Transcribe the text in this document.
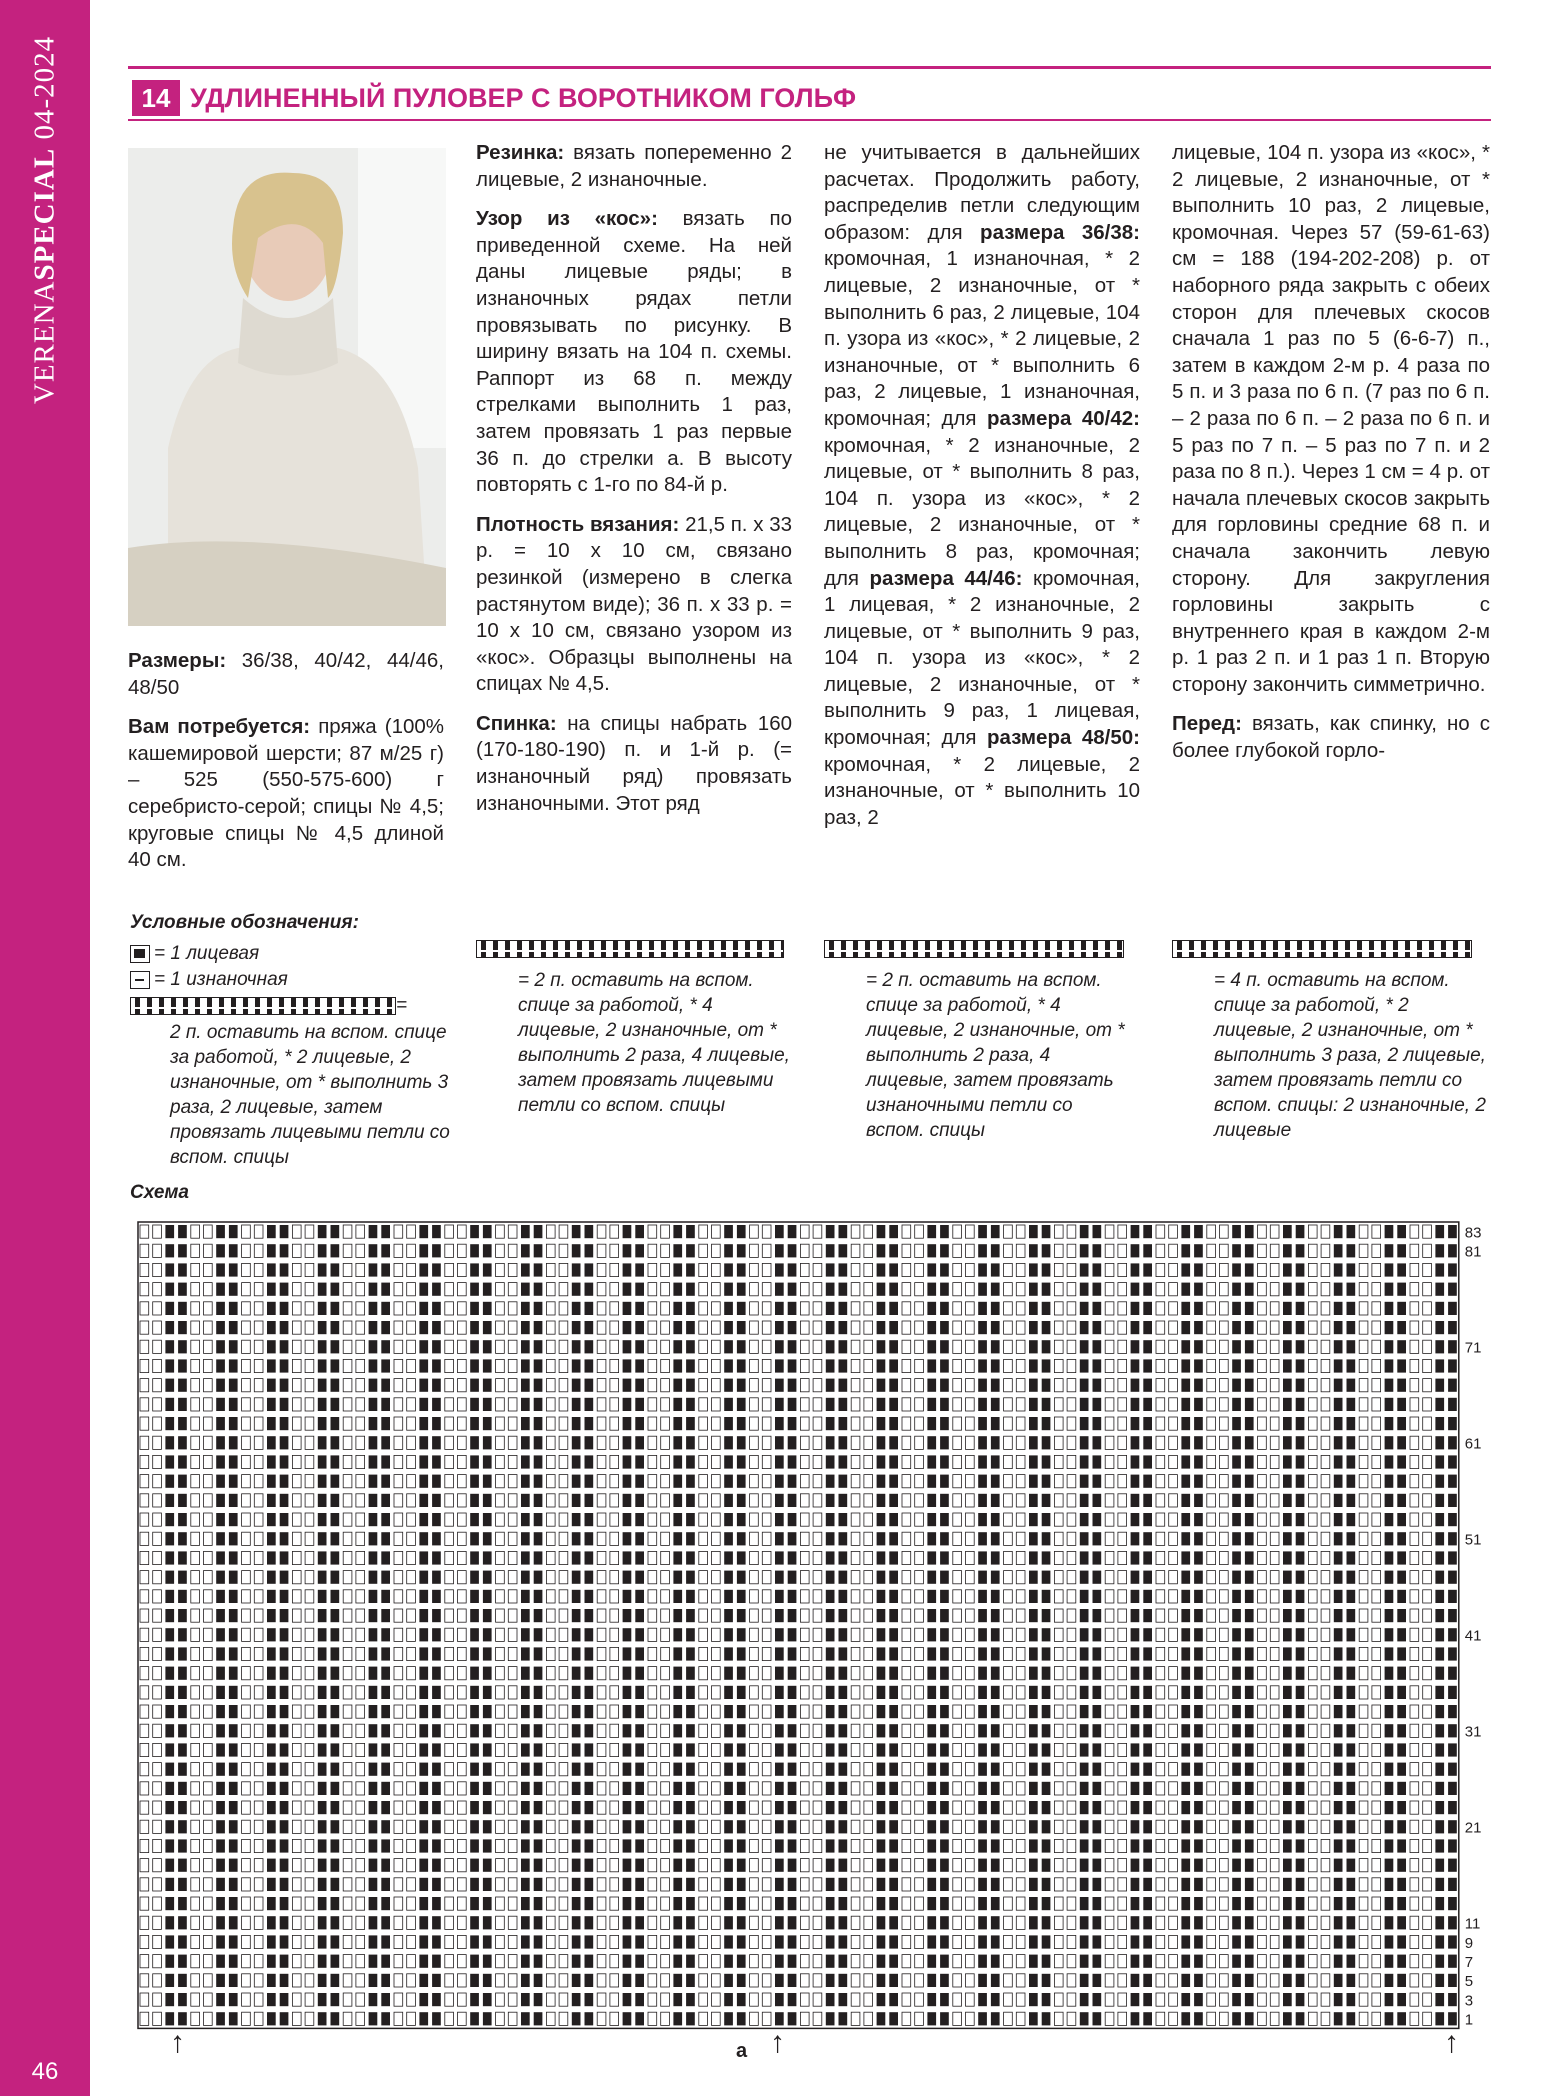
VERENASPECIAL 04-2024
46
14 УДЛИНЕННЫЙ ПУЛОВЕР С ВОРОТНИКОМ ГОЛЬФ

Размеры: 36/38, 40/42, 44/46, 48/50

Вам потребуется: пряжа (100% кашемировой шерсти; 87 м/25 г) – 525 (550-575-600) г серебристо-серой; спицы № 4,5; круговые спицы № 4,5 длиной 40 см.

Резинка: вязать попеременно 2 лицевые, 2 изнаночные.

Узор из «кос»: вязать по приведенной схеме. На ней даны лицевые ряды; в изнаночных рядах петли провязывать по рисунку. В ширину вязать на 104 п. схемы. Раппорт из 68 п. между стрелками выполнить 1 раз, затем провязать 1 раз первые 36 п. до стрелки а. В высоту повторять с 1-го по 84-й р.

Плотность вязания: 21,5 п. x 33 р. = 10 x 10 см, связано резинкой (измерено в слегка растянутом виде); 36 п. x 33 р. = 10 x 10 см, связано узором из «кос». Образцы выполнены на спицах № 4,5.

Спинка: на спицы набрать 160 (170-180-190) п. и 1-й р. (= изнаночный ряд) провязать изнаночными. Этот ряд

не учитывается в дальнейших расчетах. Продолжить работу, распределив петли следующим образом: для размера 36/38: кромочная, 1 изнаночная, * 2 лицевые, 2 изнаночные, от * выполнить 6 раз, 2 лицевые, 104 п. узора из «кос», * 2 лицевые, 2 изнаночные, от * выполнить 6 раз, 2 лицевые, 1 изнаночная, кромочная; для размера 40/42: кромочная, * 2 изнаночные, 2 лицевые, от * выполнить 8 раз, 104 п. узора из «кос», * 2 лицевые, 2 изнаночные, от * выполнить 8 раз, кромочная; для размера 44/46: кромочная, 1 лицевая, * 2 изнаночные, 2 лицевые, от * выполнить 9 раз, 104 п. узора из «кос», * 2 лицевые, 2 изнаночные, от * выполнить 9 раз, 1 лицевая, кромочная; для размера 48/50: кромочная, * 2 лицевые, 2 изнаночные, от * выполнить 10 раз, 2

лицевые, 104 п. узора из «кос», * 2 лицевые, 2 изнаночные, от * выполнить 10 раз, 2 лицевые, кромочная. Через 57 (59-61-63) см = 188 (194-202-208) р. от наборного ряда закрыть с обеих сторон для плечевых скосов сначала 1 раз по 5 (6-6-7) п., затем в каждом 2-м р. 4 раза по 5 п. и 3 раза по 6 п. (7 раз по 6 п. – 2 раза по 6 п. – 2 раза по 6 п. и 5 раз по 7 п. – 5 раз по 7 п. и 2 раза по 8 п.). Через 1 см = 4 р. от начала плечевых скосов закрыть для горловины средние 68 п. и сначала закончить левую сторону. Для закругления горловины закрыть с внутреннего края в каждом 2-м р. 1 раз 2 п. и 1 раз 1 п. Вторую сторону закончить симметрично.

Перед: вязать, как спинку, но с более глубокой горло-

Условные обозначения:
= 1 лицевая
= 1 изнаночная
=
2 п. оставить на вспом. спице за работой, * 2 лицевые, 2 изнаночные, от * выполнить 3 раза, 2 лицевые, затем провязать лицевыми петли со вспом. спицы
= 2 п. оставить на вспом. спице за работой, * 4 лицевые, 2 изнаночные, от * выполнить 2 раза, 4 лицевые, затем провязать лицевыми петли со вспом. спицы
= 2 п. оставить на вспом. спице за работой, * 4 лицевые, 2 изнаночные, от * выполнить 2 раза, 4 лицевые, затем провязать изнаночными петли со вспом. спицы
= 4 п. оставить на вспом. спице за работой, * 2 лицевые, 2 изнаночные, от * выполнить 3 раза, 2 лицевые, затем провязать петли со вспом. спицы: 2 изнаночные, 2 лицевые
Схема
83
81
71
61
51
41
31
21
11
9
7
5
3
1
↑	↑
а	↑
